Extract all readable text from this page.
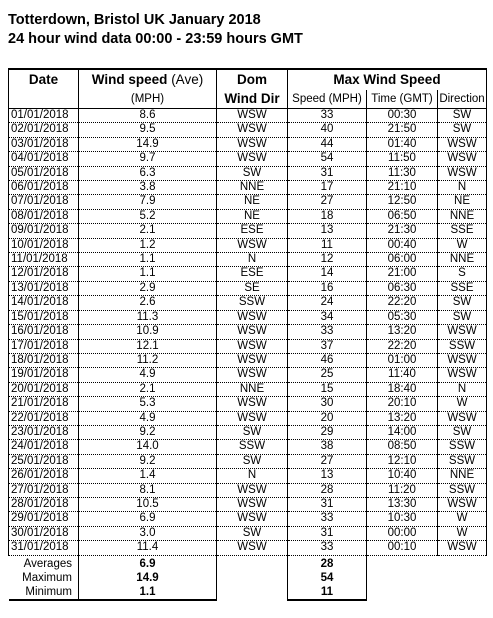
Totterdown, Bristol UK January 2018
24 hour wind data 00:00 - 23:59 hours GMT
Date	Wind speed (Ave)	Dom	Max Wind Speed		
	(MPH)	Wind Dir	Speed (MPH)	Time (GMT)	Direction
01/01/2018	8.6	WSW	33	00:30	SW
02/01/2018	9.5	WSW	40	21:50	SW
03/01/2018	14.9	WSW	44	01:40	WSW
04/01/2018	9.7	WSW	54	11:50	WSW
05/01/2018	6.3	SW	31	11:30	WSW
06/01/2018	3.8	NNE	17	21:10	N
07/01/2018	7.9	NE	27	12:50	NE
08/01/2018	5.2	NE	18	06:50	NNE
09/01/2018	2.1	ESE	13	21:30	SSE
10/01/2018	1.2	WSW	11	00:40	W
11/01/2018	1.1	N	12	06:00	NNE
12/01/2018	1.1	ESE	14	21:00	S
13/01/2018	2.9	SE	16	06:30	SSE
14/01/2018	2.6	SSW	24	22:20	SW
15/01/2018	11.3	WSW	34	05:30	SW
16/01/2018	10.9	WSW	33	13:20	WSW
17/01/2018	12.1	WSW	37	22:20	SSW
18/01/2018	11.2	WSW	46	01:00	WSW
19/01/2018	4.9	WSW	25	11:40	WSW
20/01/2018	2.1	NNE	15	18:40	N
21/01/2018	5.3	WSW	30	20:10	W
22/01/2018	4.9	WSW	20	13:20	WSW
23/01/2018	9.2	SW	29	14:00	SW
24/01/2018	14.0	SSW	38	08:50	SSW
25/01/2018	9.2	SW	27	12:10	SSW
26/01/2018	1.4	N	13	10:40	NNE
27/01/2018	8.1	WSW	28	11:20	SSW
28/01/2018	10.5	WSW	31	13:30	WSW
29/01/2018	6.9	WSW	33	10:30	W
30/01/2018	3.0	SW	31	00:00	W
31/01/2018	11.4	WSW	33	00:10	WSW
Averages	6.9		28		
Maximum	14.9		54		
Minimum	1.1		11		
